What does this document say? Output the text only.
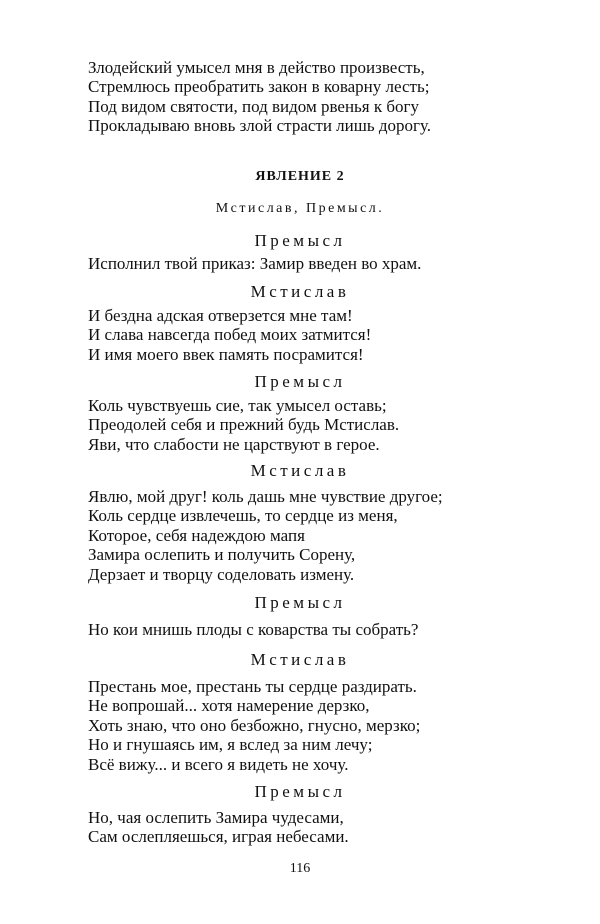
Злодейский умысел мня в действо произвесть,
Стремлюсь преобратить закон в коварну лесть;
Под видом святости, под видом рвенья к богу
Прокладываю вновь злой страсти лишь дорогу.
ЯВЛЕНИЕ 2
Мстислав, Премысл.
Премысл
Исполнил твой приказ: Замир введен во храм.
Мстислав
И бездна адская отверзется мне там!
И слава навсегда побед моих затмится!
И имя моего ввек память посрамится!
Премысл
Коль чувствуешь сие, так умысел оставь;
Преодолей себя и прежний будь Мстислав.
Яви, что слабости не царствуют в герое.
Мстислав
Явлю, мой друг! коль дашь мне чувствие другое;
Коль сердце извлечешь, то сердце из меня,
Которое, себя надеждою мапя
Замира ослепить и получить Сорену,
Дерзает и творцу соделовать измену.
Премысл
Но кои мнишь плоды с коварства ты собрать?
Мстислав
Престань мое, престань ты сердце раздирать.
Не вопрошай... хотя намерение дерзко,
Хоть знаю, что оно безбожно, гнусно, мерзко;
Но и гнушаясь им, я вслед за ним лечу;
Всё вижу... и всего я видеть не хочу.
Премысл
Но, чая ослепить Замира чудесами,
Сам ослепляешься, играя небесами.
116
